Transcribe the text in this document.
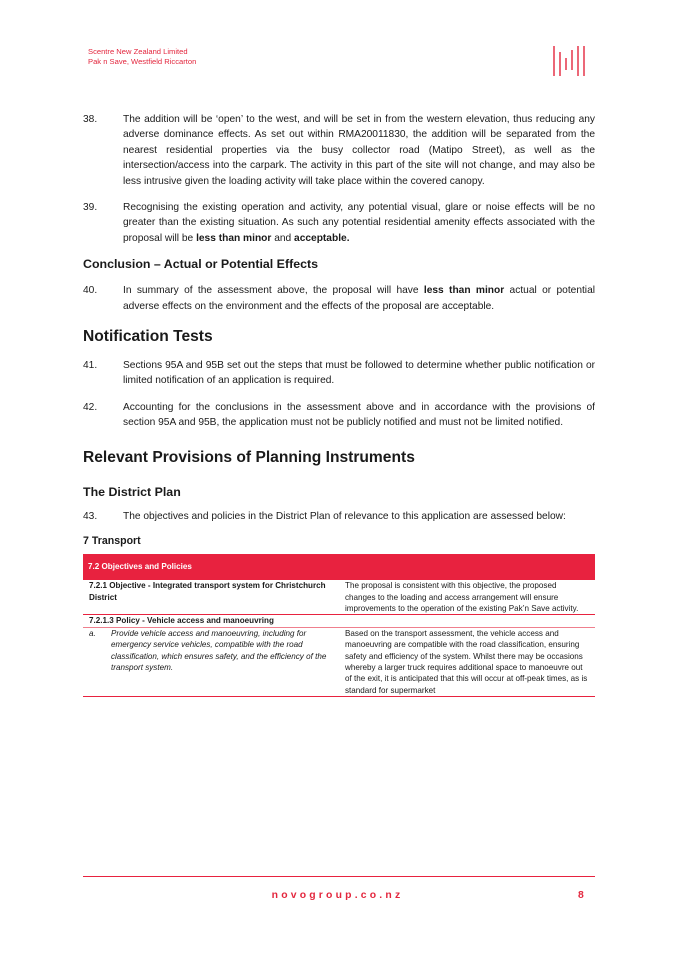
Scentre New Zealand Limited
Pak n Save, Westfield Riccarton
38.	The addition will be ‘open’ to the west, and will be set in from the western elevation, thus reducing any adverse dominance effects. As set out within RMA20011830, the addition will be separated from the nearest residential properties via the busy collector road (Matipo Street), as well as the intersection/access into the carpark. The activity in this part of the site will not change, and may also be less intrusive given the loading activity will take place within the covered canopy.
39.	Recognising the existing operation and activity, any potential visual, glare or noise effects will be no greater than the existing situation. As such any potential residential amenity effects associated with the proposal will be less than minor and acceptable.
Conclusion – Actual or Potential Effects
40.	In summary of the assessment above, the proposal will have less than minor actual or potential adverse effects on the environment and the effects of the proposal are acceptable.
Notification Tests
41.	Sections 95A and 95B set out the steps that must be followed to determine whether public notification or limited notification of an application is required.
42.	Accounting for the conclusions in the assessment above and in accordance with the provisions of section 95A and 95B, the application must not be publicly notified and must not be limited notified.
Relevant Provisions of Planning Instruments
The District Plan
43.	The objectives and policies in the District Plan of relevance to this application are assessed below:
7 Transport
7.2 Objectives and Policies	
7.2.1 Objective - Integrated transport system for Christchurch District	The proposal is consistent with this objective, the proposed changes to the loading and access arrangement will ensure improvements to the operation of the existing Pak’n Save activity.
7.2.1.3 Policy - Vehicle access and manoeuvring	

a. Provide vehicle access and manoeuvring, including for emergency service vehicles, compatible with the road classification, which ensures safety, and the efficiency of the transport system.	Based on the transport assessment, the vehicle access and manoeuvring are compatible with the road classification, ensuring safety and efficiency of the system. Whilst there may be occasions whereby a larger truck requires additional space to manoeuvre out of the exit, it is anticipated that this will occur at off-peak times, as is standard for supermarket
novogroup.co.nz	8
